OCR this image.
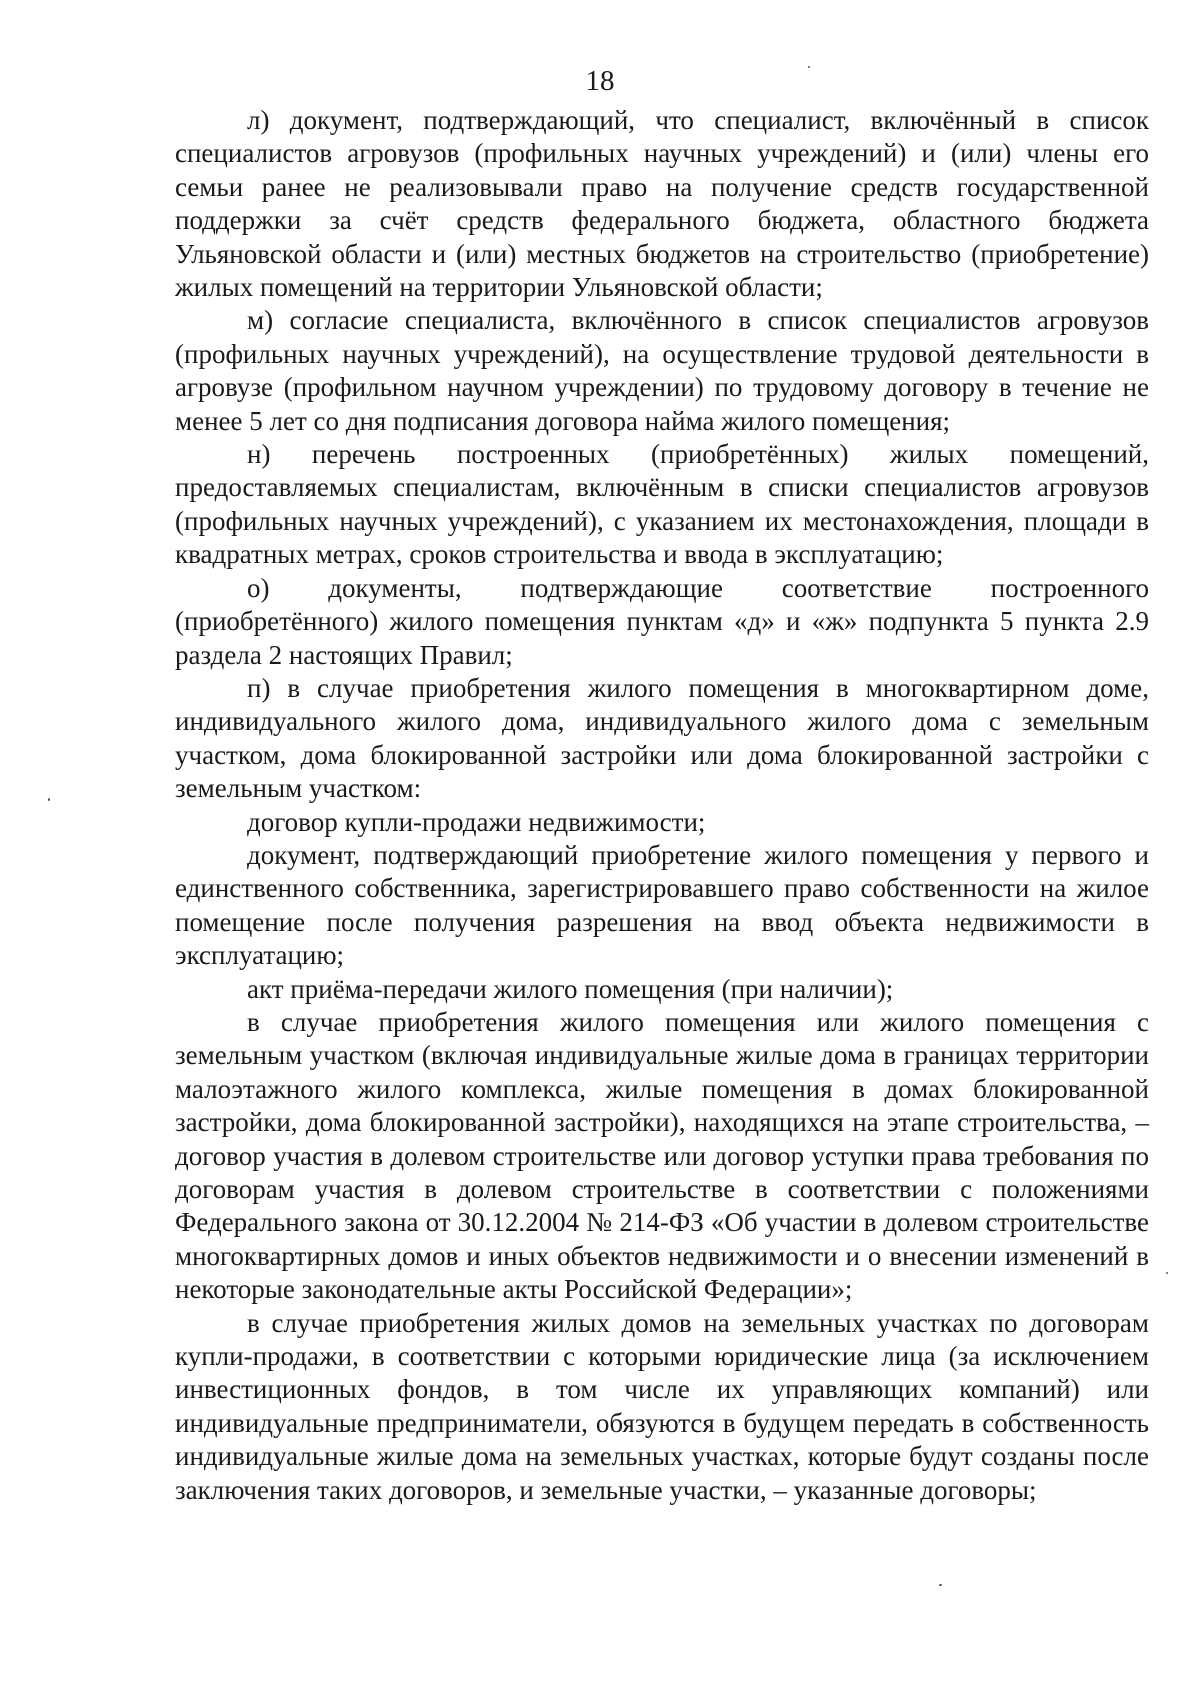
18

л) документ, подтверждающий, что специалист, включённый в список специалистов агровузов (профильных научных учреждений) и (или) члены его семьи ранее не реализовывали право на получение средств государственной поддержки за счёт средств федерального бюджета, областного бюджета Ульяновской области и (или) местных бюджетов на строительство (приобретение) жилых помещений на территории Ульяновской области;

м) согласие специалиста, включённого в список специалистов агровузов (профильных научных учреждений), на осуществление трудовой деятельности в агровузе (профильном научном учреждении) по трудовому договору в течение не менее 5 лет со дня подписания договора найма жилого помещения;

н) перечень построенных (приобретённых) жилых помещений, предоставляемых специалистам, включённым в списки специалистов агровузов (профильных научных учреждений), с указанием их местонахождения, площади в квадратных метрах, сроков строительства и ввода в эксплуатацию;

о) документы, подтверждающие соответствие построенного (приобретённого) жилого помещения пунктам «д» и «ж» подпункта 5 пункта 2.9 раздела 2 настоящих Правил;

п) в случае приобретения жилого помещения в многоквартирном доме, индивидуального жилого дома, индивидуального жилого дома с земельным участком, дома блокированной застройки или дома блокированной застройки с земельным участком:

договор купли-продажи недвижимости;

документ, подтверждающий приобретение жилого помещения у первого и единственного собственника, зарегистрировавшего право собственности на жилое помещение после получения разрешения на ввод объекта недвижимости в эксплуатацию;

акт приёма-передачи жилого помещения (при наличии);

в случае приобретения жилого помещения или жилого помещения с земельным участком (включая индивидуальные жилые дома в границах территории малоэтажного жилого комплекса, жилые помещения в домах блокированной застройки, дома блокированной застройки), находящихся на этапе строительства, – договор участия в долевом строительстве или договор уступки права требования по договорам участия в долевом строительстве в соответствии с положениями Федерального закона от 30.12.2004 № 214-ФЗ «Об участии в долевом строительстве многоквартирных домов и иных объектов недвижимости и о внесении изменений в некоторые законодательные акты Российской Федерации»;

в случае приобретения жилых домов на земельных участках по договорам купли-продажи, в соответствии с которыми юридические лица (за исключением инвестиционных фондов, в том числе их управляющих компаний) или индивидуальные предприниматели, обязуются в будущем передать в собственность индивидуальные жилые дома на земельных участках, которые будут созданы после заключения таких договоров, и земельные участки, – указанные договоры;
